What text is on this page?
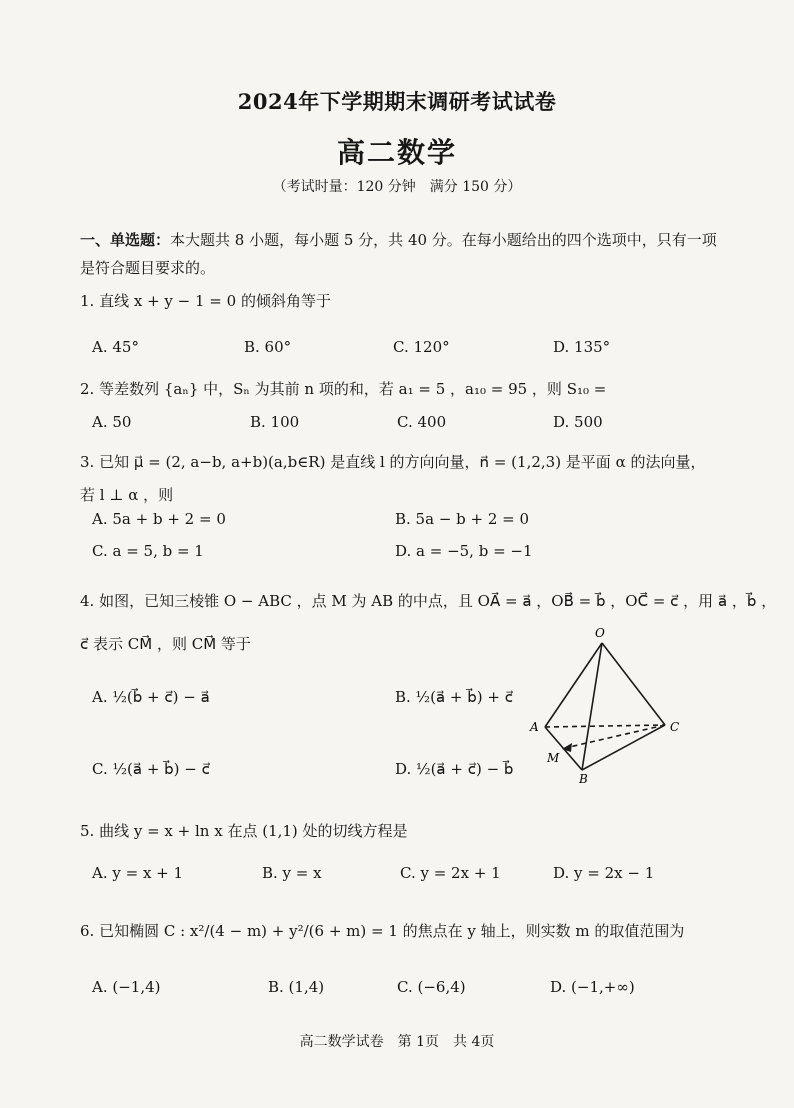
2024年下学期期末调研考试试卷
高二数学
（考试时量：120 分钟　满分 150 分）
一、单选题：本大题共 8 小题，每小题 5 分，共 40 分。在每小题给出的四个选项中，只有一项是符合题目要求的。
1. 直线 x + y − 1 = 0 的倾斜角等于
A. 45°	B. 60°	C. 120°	D. 135°
2. 等差数列 {aₙ} 中，Sₙ 为其前 n 项的和，若 a₁ = 5 ，a₁₀ = 95 ，则 S₁₀ =
A. 50	B. 100	C. 400	D. 500
3. 已知 μ⃗ = (2, a−b, a+b)(a,b∈R) 是直线 l 的方向向量，n⃗ = (1,2,3) 是平面 α 的法向量，
若 l ⊥ α ，则
A. 5a + b + 2 = 0	B. 5a − b + 2 = 0
C. a = 5, b = 1	D. a = −5, b = −1
4. 如图，已知三棱锥 O − ABC ，点 M 为 AB 的中点，且 OA⃗ = a⃗ ，OB⃗ = b⃗ ，OC⃗ = c⃗ ，用 a⃗ ，b⃗ ，
c⃗ 表示 CM⃗ ，则 CM⃗ 等于
A. ½(b⃗ + c⃗) − a⃗	B. ½(a⃗ + b⃗) + c⃗
C. ½(a⃗ + b⃗) − c⃗	D. ½(a⃗ + c⃗) − b⃗
O
A
B
C
M
5. 曲线 y = x + ln x 在点 (1,1) 处的切线方程是
A. y = x + 1	B. y = x	C. y = 2x + 1	D. y = 2x − 1
6. 已知椭圆 C : x²/(4 − m) + y²/(6 + m) = 1 的焦点在 y 轴上，则实数 m 的取值范围为
A. (−1,4)	B. (1,4)	C. (−6,4)	D. (−1,+∞)
高二数学试卷　第 1页　共 4页
